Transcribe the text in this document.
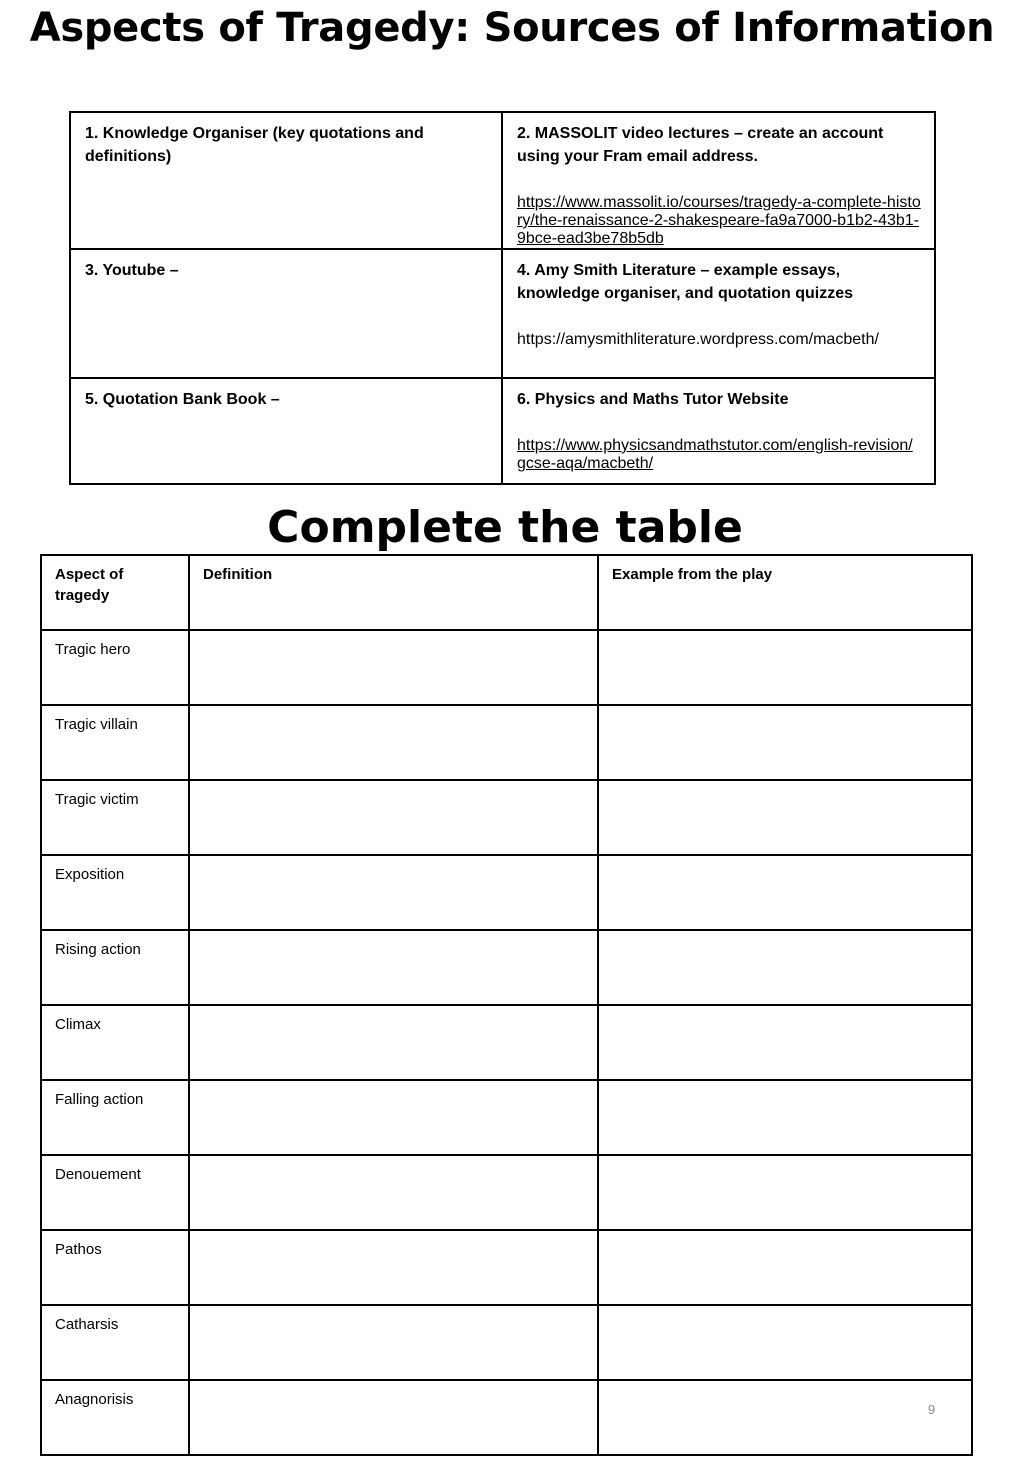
Aspects of Tragedy: Sources of Information
1. Knowledge Organiser (key quotations and definitions)	2. MASSOLIT video lectures – create an account using your Fram email address.
https://www.massolit.io/courses/tragedy-a-complete-history/the-renaissance-2-shakespeare-fa9a7000-b1b2-43b1-9bce-ead3be78b5db

3. Youtube –	4. Amy Smith Literature – example essays, knowledge organiser, and quotation quizzes
https://amysmithliterature.wordpress.com/macbeth/

5. Quotation Bank Book –	6. Physics and Maths Tutor Website
https://www.physicsandmathstutor.com/english-revision/gcse-aqa/macbeth/
Complete the table
Aspect of tragedy	Definition	Example from the play
Tragic hero		
Tragic villain		
Tragic victim		
Exposition		
Rising action		
Climax		
Falling action		
Denouement		
Pathos		
Catharsis		
Anagnorisis		
9
